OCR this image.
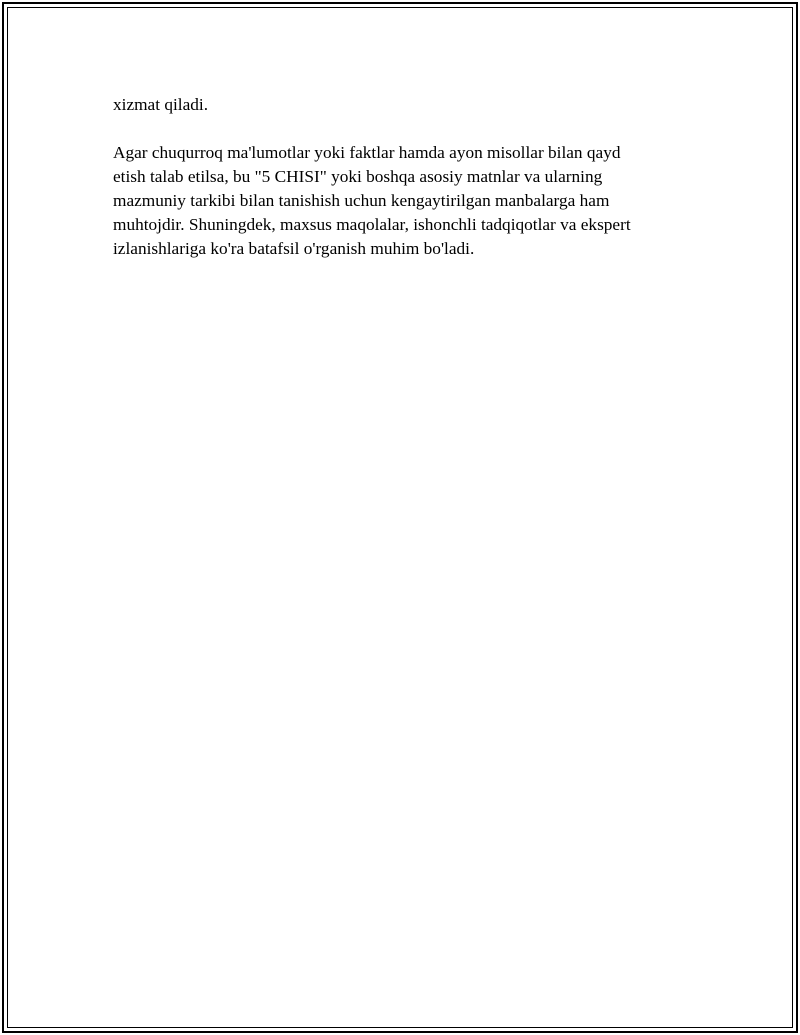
xizmat qiladi.

Agar chuqurroq ma'lumotlar yoki faktlar hamda ayon misollar bilan qayd
etish talab etilsa, bu "5 CHISI" yoki boshqa asosiy matnlar va ularning
mazmuniy tarkibi bilan tanishish uchun kengaytirilgan manbalarga ham
muhtojdir. Shuningdek, maxsus maqolalar, ishonchli tadqiqotlar va ekspert
izlanishlariga ko'ra batafsil o'rganish muhim bo'ladi.
